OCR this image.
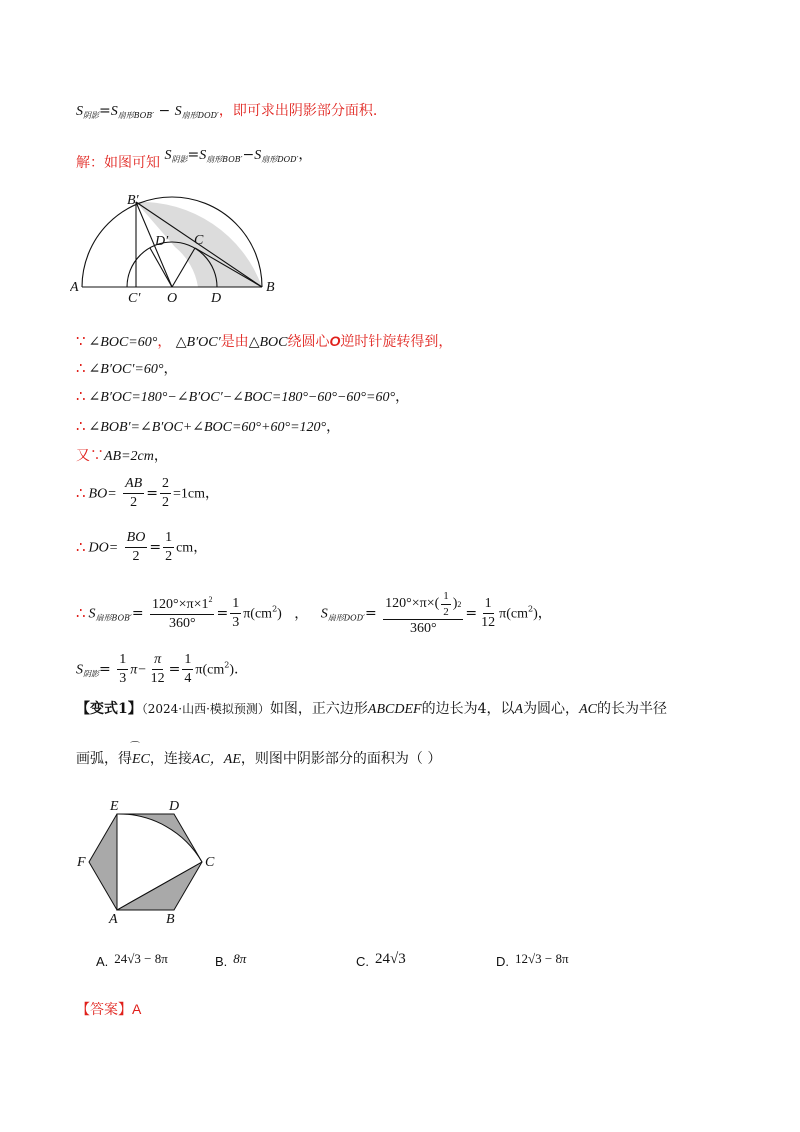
$S_{阴影}=S_{扇形BOB'} - S_{扇形DOD'}$，即可求出阴影部分面积.
解：如图可知 $S_{阴影}=S_{扇形BOB'}-S_{扇形DOD'}$，
A	B
B′
C
C′ O D
D′
∵ ∠BOC=60°， △B′OC′是由△BOC绕圆心O逆时针旋转得到，
∴ ∠B′OC′=60°，
∴ ∠B′OC=180°−∠B′OC′−∠BOC=180°−60°−60°=60°，
∴ ∠BOB′=∠B′OC+∠BOC=60°+60°=120°，
又∵AB=2cm，
∴ $BO= \frac{AB}{2} = \frac{2}{2} =1cm$，
∴ $DO= \frac{BO}{2} = \frac{1}{2}$ cm，
∴ $S_{扇形BOB'}= \frac{120^\circ\times\pi\times 1^2}{360^\circ} = \frac{1}{3} \pi(cm^2)$ ， $S_{扇形DOD'}= \frac{120^\circ\times\pi\times( \frac{1}{2} ) 2}{360^\circ} = \frac{1}{12} \pi(cm^2)$，
$S_{阴影}= \frac{1}{3} \pi- \frac{\pi}{12} = \frac{1}{4} \pi(cm^2)$.
【变式1】（2024·山西·模拟预测）如图，正六边形ABCDEF的边长为4，以A为圆心，AC的长为半径
画弧，得
⌒
EC，连接AC，AE，则图中阴影部分的面积为（ ）
E	D
F	C
A	B
A. 24√3 − 8π	B. 8π	C. 24√3	D. 12√3 − 8π
【答案】A
